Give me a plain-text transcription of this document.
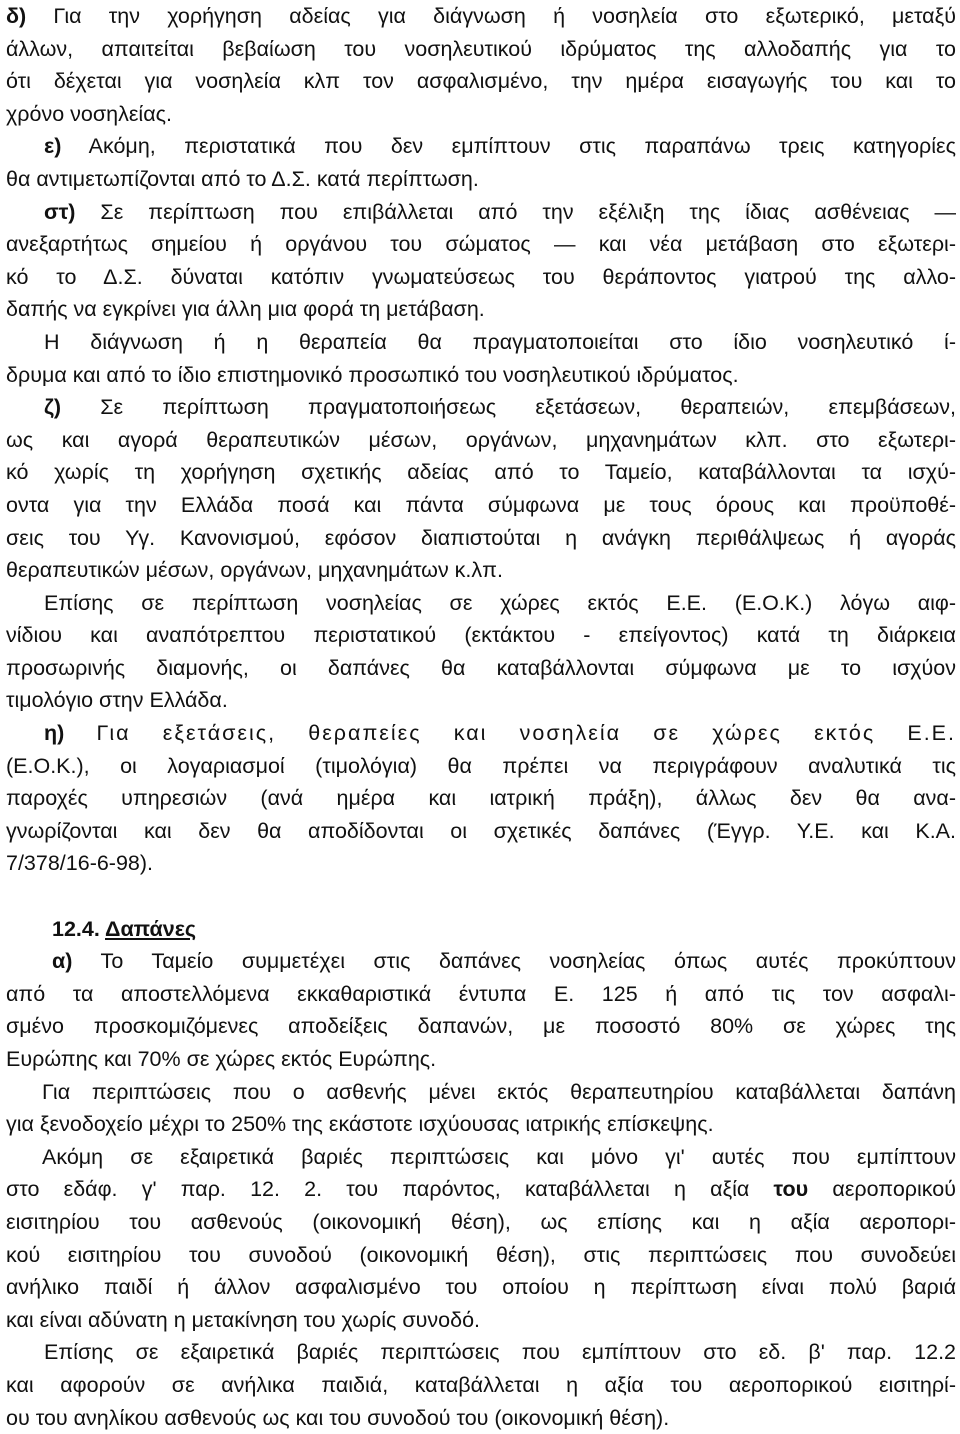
δ) Για την χορήγηση αδείας για διάγνωση ή νοσηλεία στο εξωτερικό, μεταξύ
άλλων, απαιτείται βεβαίωση του νοσηλευτικού ιδρύματος της αλλοδαπής για το
ότι δέχεται για νοσηλεία κλπ τον ασφαλισμένο, την ημέρα εισαγωγής του και το
χρόνο νοσηλείας.
ε) Ακόμη, περιστατικά που δεν εμπίπτουν στις παραπάνω τρεις κατηγορίες
θα αντιμετωπίζονται από το Δ.Σ. κατά περίπτωση.
στ) Σε περίπτωση που επιβάλλεται από την εξέλιξη της ίδιας ασθένειας —
ανεξαρτήτως σημείου ή οργάνου του σώματος — και νέα μετάβαση στο εξωτερι-
κό το Δ.Σ. δύναται κατόπιν γνωματεύσεως του θεράποντος γιατρού της αλλο-
δαπής να εγκρίνει για άλλη μια φορά τη μετάβαση.
Η διάγνωση ή η θεραπεία θα πραγματοποιείται στο ίδιο νοσηλευτικό ί-
δρυμα και από το ίδιο επιστημονικό προσωπικό του νοσηλευτικού ιδρύματος.
ζ) Σε περίπτωση πραγματοποιήσεως εξετάσεων, θεραπειών, επεμβάσεων,
ως και αγορά θεραπευτικών μέσων, οργάνων, μηχανημάτων κλπ. στο εξωτερι-
κό χωρίς τη χορήγηση σχετικής αδείας από το Ταμείο, καταβάλλονται τα ισχύ-
οντα για την Ελλάδα ποσά και πάντα σύμφωνα με τους όρους και προϋποθέ-
σεις του Υγ. Κανονισμού, εφόσον διαπιστούται η ανάγκη περιθάλψεως ή αγοράς
θεραπευτικών μέσων, οργάνων, μηχανημάτων κ.λπ.
Επίσης σε περίπτωση νοσηλείας σε χώρες εκτός Ε.Ε. (Ε.Ο.Κ.) λόγω αιφ-
νίδιου και αναπότρεπτου περιστατικού (εκτάκτου - επείγοντος) κατά τη διάρκεια
προσωρινής διαμονής, οι δαπάνες θα καταβάλλονται σύμφωνα με το ισχύον
τιμολόγιο στην Ελλάδα.
η) Για εξετάσεις, θεραπείες και νοσηλεία σε χώρες εκτός Ε.Ε.
(Ε.Ο.Κ.), οι λογαριασμοί (τιμολόγια) θα πρέπει να περιγράφουν αναλυτικά τις
παροχές υπηρεσιών (ανά ημέρα και ιατρική πράξη), άλλως δεν θα ανα-
γνωρίζονται και δεν θα αποδίδονται οι σχετικές δαπάνες (Έγγρ. Υ.Ε. και Κ.Α.
7/378/16-6-98).
12.4. Δαπάνες
α) Το Ταμείο συμμετέχει στις δαπάνες νοσηλείας όπως αυτές προκύπτουν
από τα αποστελλόμενα εκκαθαριστικά έντυπα Ε. 125 ή από τις τον ασφαλι-
σμένο προσκομιζόμενες αποδείξεις δαπανών, με ποσοστό 80% σε χώρες της
Ευρώπης και 70% σε χώρες εκτός Ευρώπης.
Για περιπτώσεις που ο ασθενής μένει εκτός θεραπευτηρίου καταβάλλεται δαπάνη
για ξενοδοχείο μέχρι το 250% της εκάστοτε ισχύουσας ιατρικής επίσκεψης.
Ακόμη σε εξαιρετικά βαριές περιπτώσεις και μόνο γι' αυτές που εμπίπτουν
στο εδάφ. γ' παρ. 12. 2. του παρόντος, καταβάλλεται η αξία του αεροπορικού
εισιτηρίου του ασθενούς (οικονομική θέση), ως επίσης και η αξία αεροπορι-
κού εισιτηρίου του συνοδού (οικονομική θέση), στις περιπτώσεις που συνοδεύει
ανήλικο παιδί ή άλλον ασφαλισμένο του οποίου η περίπτωση είναι πολύ βαριά
και είναι αδύνατη η μετακίνηση του χωρίς συνοδό.
Επίσης σε εξαιρετικά βαριές περιπτώσεις που εμπίπτουν στο εδ. β' παρ. 12.2
και αφορούν σε ανήλικα παιδιά, καταβάλλεται η αξία του αεροπορικού εισιτηρί-
ου του ανηλίκου ασθενούς ως και του συνοδού του (οικονομική θέση).
